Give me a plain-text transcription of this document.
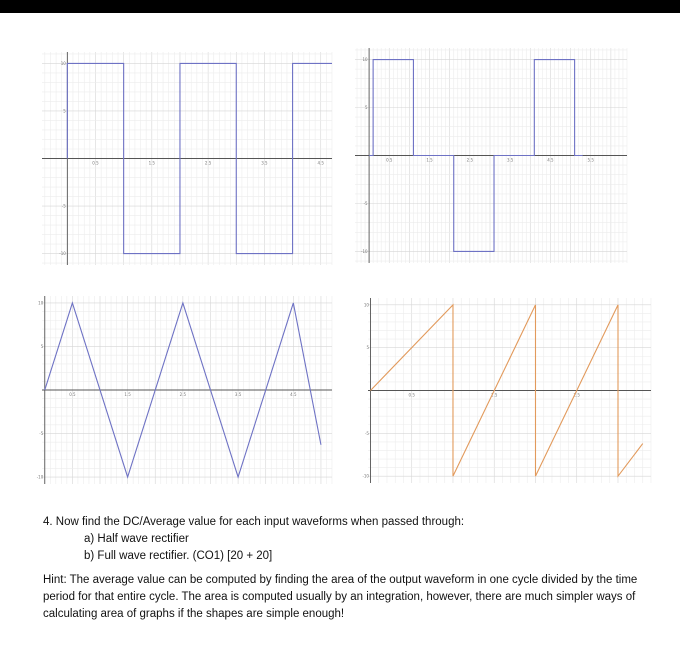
0.5	1.5	2.5	3.5	4.5
10
5
-5
-10
0.5	1.5	2.5	3.5	4.5	5.5
10
5
-5
-10
0.5	1.5	2.5	3.5	4.5
10
5
-5
-10
0.5	1.5	2.5
10
5
-5
-10
4. Now find the DC/Average value for each input waveforms when passed through:
a) Half wave rectifier
b) Full wave rectifier. (CO1) [20 + 20]
Hint: The average value can be computed by finding the area of the output waveform in one cycle divided by the time period for that entire cycle. The area is computed usually by an integration, however, there are much simpler ways of calculating area of graphs if the shapes are simple enough!
